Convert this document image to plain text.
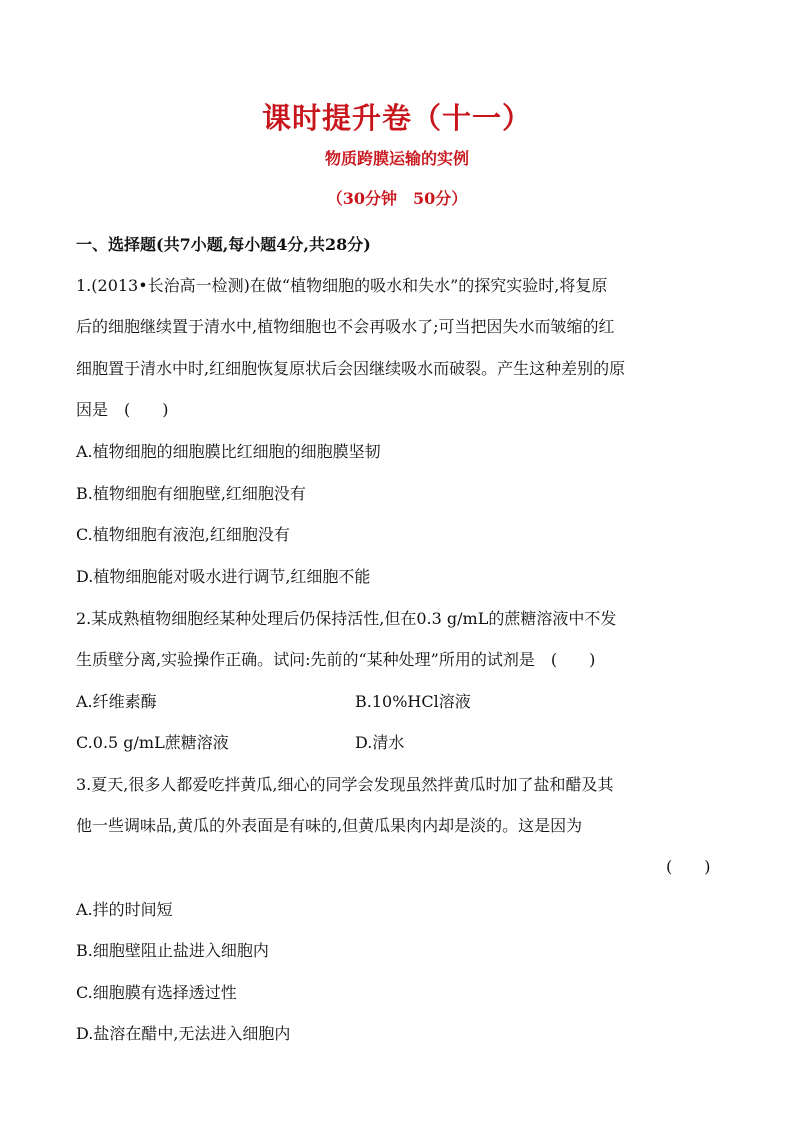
课时提升卷（十一）
物质跨膜运输的实例
（30分钟　50分）
一、选择题(共7小题,每小题4分,共28分)
1.(2013•长治高一检测)在做“植物细胞的吸水和失水”的探究实验时,将复原
后的细胞继续置于清水中,植物细胞也不会再吸水了;可当把因失水而皱缩的红
细胞置于清水中时,红细胞恢复原状后会因继续吸水而破裂。产生这种差别的原
因是　(　　)
A.植物细胞的细胞膜比红细胞的细胞膜坚韧
B.植物细胞有细胞壁,红细胞没有
C.植物细胞有液泡,红细胞没有
D.植物细胞能对吸水进行调节,红细胞不能
2.某成熟植物细胞经某种处理后仍保持活性,但在0.3 g/mL的蔗糖溶液中不发
生质壁分离,实验操作正确。试问:先前的“某种处理”所用的试剂是　(　　)
A.纤维素酶	B.10%HCl溶液
C.0.5 g/mL蔗糖溶液	D.清水
3.夏天,很多人都爱吃拌黄瓜,细心的同学会发现虽然拌黄瓜时加了盐和醋及其
他一些调味品,黄瓜的外表面是有味的,但黄瓜果肉内却是淡的。这是因为
(　　)
A.拌的时间短
B.细胞壁阻止盐进入细胞内
C.细胞膜有选择透过性
D.盐溶在醋中,无法进入细胞内
